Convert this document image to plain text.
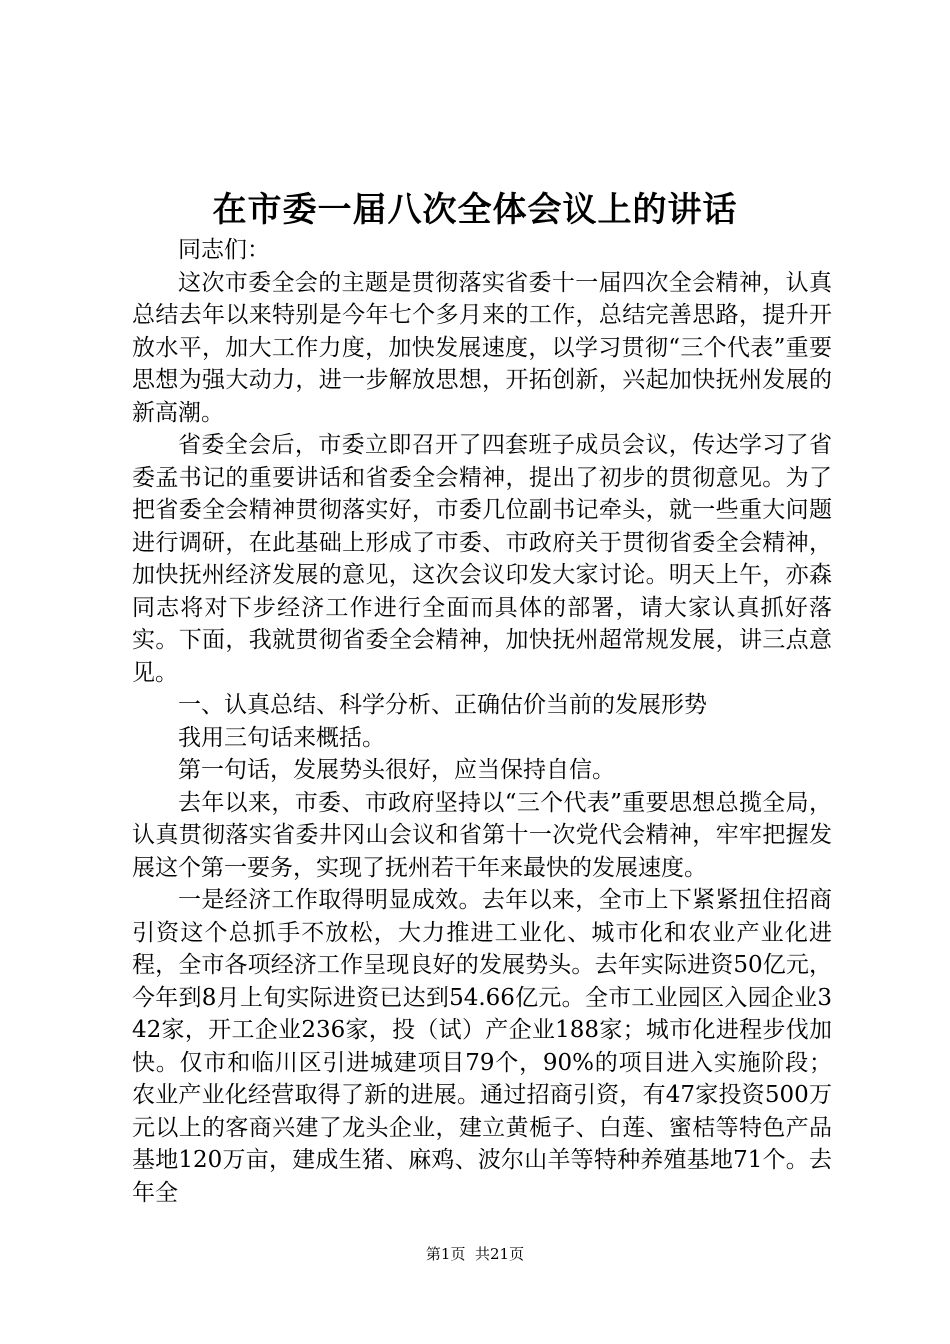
在市委一届八次全体会议上的讲话

同志们：

这次市委全会的主题是贯彻落实省委十一届四次全会精神，认真总结去年以来特别是今年七个多月来的工作，总结完善思路，提升开放水平，加大工作力度，加快发展速度，以学习贯彻“三个代表”重要思想为强大动力，进一步解放思想，开拓创新，兴起加快抚州发展的新高潮。

省委全会后，市委立即召开了四套班子成员会议，传达学习了省委孟书记的重要讲话和省委全会精神，提出了初步的贯彻意见。为了把省委全会精神贯彻落实好，市委几位副书记牵头，就一些重大问题进行调研，在此基础上形成了市委、市政府关于贯彻省委全会精神，加快抚州经济发展的意见，这次会议印发大家讨论。明天上午，亦森同志将对下步经济工作进行全面而具体的部署，请大家认真抓好落实。下面，我就贯彻省委全会精神，加快抚州超常规发展，讲三点意见。

一、认真总结、科学分析、正确估价当前的发展形势

我用三句话来概括。

第一句话，发展势头很好，应当保持自信。

去年以来，市委、市政府坚持以“三个代表”重要思想总揽全局，认真贯彻落实省委井冈山会议和省第十一次党代会精神，牢牢把握发展这个第一要务，实现了抚州若干年来最快的发展速度。

一是经济工作取得明显成效。去年以来，全市上下紧紧扭住招商引资这个总抓手不放松，大力推进工业化、城市化和农业产业化进程，全市各项经济工作呈现良好的发展势头。去年实际进资50亿元，今年到8月上旬实际进资已达到54.66亿元。全市工业园区入园企业342家，开工企业236家，投（试）产企业188家；城市化进程步伐加快。仅市和临川区引进城建项目79个，90%的项目进入实施阶段；农业产业化经营取得了新的进展。通过招商引资，有47家投资500万元以上的客商兴建了龙头企业，建立黄栀子、白莲、蜜桔等特色产品基地120万亩，建成生猪、麻鸡、波尔山羊等特种养殖基地71个。去年全

第1页  共21页
